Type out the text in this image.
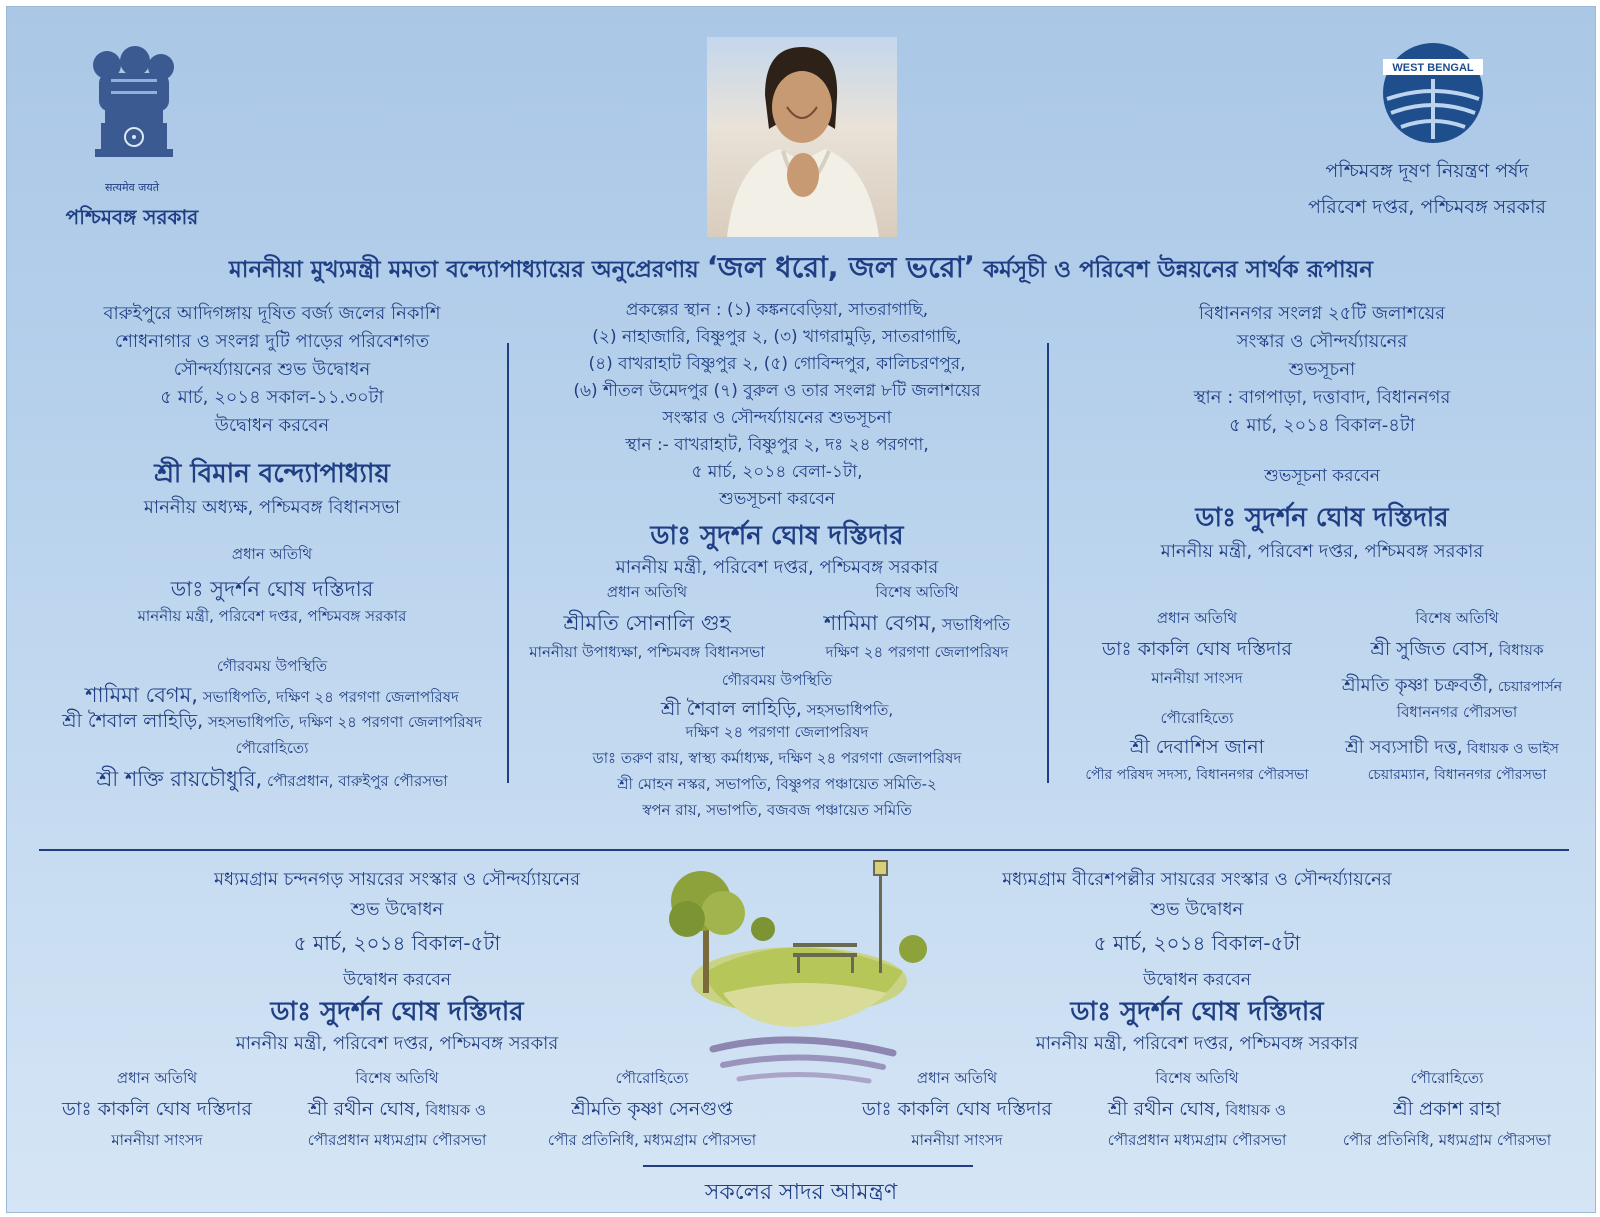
सत्यमेव जयते
পশ্চিমবঙ্গ সরকার
WEST BENGAL
পশ্চিমবঙ্গ দূষণ নিয়ন্ত্রণ পর্ষদ
পরিবেশ দপ্তর, পশ্চিমবঙ্গ সরকার
মাননীয়া মুখ্যমন্ত্রী মমতা বন্দ্যোপাধ্যায়ের অনুপ্রেরণায় ‘জল ধরো, জল ভরো’ কর্মসূচী ও পরিবেশ উন্নয়নের সার্থক রূপায়ন
বারুইপুরে আদিগঙ্গায় দূষিত বর্জ্য জলের নিকাশি
শোধনাগার ও সংলগ্ন দুটি পাড়ের পরিবেশগত
সৌন্দর্য্যায়নের শুভ উদ্বোধন
৫ মার্চ, ২০১৪ সকাল-১১.৩০টা
উদ্বোধন করবেন
শ্রী বিমান বন্দ্যোপাধ্যায়
মাননীয় অধ্যক্ষ, পশ্চিমবঙ্গ বিধানসভা
প্রধান অতিথি
ডাঃ সুদর্শন ঘোষ দস্তিদার
মাননীয় মন্ত্রী, পরিবেশ দপ্তর, পশ্চিমবঙ্গ সরকার
গৌরবময় উপস্থিতি
শামিমা বেগম, সভাধিপতি, দক্ষিণ ২৪ পরগণা জেলাপরিষদ
শ্রী শৈবাল লাহিড়ি, সহসভাধিপতি, দক্ষিণ ২৪ পরগণা জেলাপরিষদ
পৌরোহিত্যে
শ্রী শক্তি রায়চৌধুরি, পৌরপ্রধান, বারুইপুর পৌরসভা
প্রকল্পের স্থান : (১) কঙ্কনবেড়িয়া, সাতরাগাছি,
(২) নাহাজারি, বিষ্ণুপুর ২, (৩) খাগরামুড়ি, সাতরাগাছি,
(৪) বাখরাহাট বিষ্ণুপুর ২, (৫) গোবিন্দপুর, কালিচরণপুর,
(৬) শীতল উমেদপুর (৭) বুরুল ও তার সংলগ্ন ৮টি জলাশয়ের
সংস্কার ও সৌন্দর্য্যায়নের শুভসূচনা
স্থান :- বাখরাহাট, বিষ্ণুপুর ২, দঃ ২৪ পরগণা,
৫ মার্চ, ২০১৪ বেলা-১টা,
শুভসূচনা করবেন
ডাঃ সুদর্শন ঘোষ দস্তিদার
মাননীয় মন্ত্রী, পরিবেশ দপ্তর, পশ্চিমবঙ্গ সরকার
প্রধান অতিথি
শ্রীমতি সোনালি গুহ
মাননীয়া উপাধ্যক্ষা, পশ্চিমবঙ্গ বিধানসভা
বিশেষ অতিথি
শামিমা বেগম, সভাধিপতি
দক্ষিণ ২৪ পরগণা জেলাপরিষদ
গৌরবময় উপস্থিতি
শ্রী শৈবাল লাহিড়ি, সহসভাধিপতি,
দক্ষিণ ২৪ পরগণা জেলাপরিষদ
ডাঃ তরুণ রায়, স্বাস্থ্য কর্মাধ্যক্ষ, দক্ষিণ ২৪ পরগণা জেলাপরিষদ
শ্রী মোহন নস্কর, সভাপতি, বিষ্ণুপর পঞ্চায়েত সমিতি-২
স্বপন রায়, সভাপতি, বজবজ পঞ্চায়েত সমিতি
বিধাননগর সংলগ্ন ২৫টি জলাশয়ের
সংস্কার ও সৌন্দর্য্যায়নের
শুভসূচনা
স্থান : বাগপাড়া, দত্তাবাদ, বিধাননগর
৫ মার্চ, ২০১৪ বিকাল-৪টা
শুভসূচনা করবেন
ডাঃ সুদর্শন ঘোষ দস্তিদার
মাননীয় মন্ত্রী, পরিবেশ দপ্তর, পশ্চিমবঙ্গ সরকার
প্রধান অতিথি
ডাঃ কাকলি ঘোষ দস্তিদার
মাননীয়া সাংসদ
পৌরোহিত্যে
শ্রী দেবাশিস জানা
পৌর পরিষদ সদস্য, বিধাননগর পৌরসভা
বিশেষ অতিথি
শ্রী সুজিত বোস, বিধায়ক
শ্রীমতি কৃষ্ণা চক্রবর্তী, চেয়ারপার্সন
বিধাননগর পৌরসভা
শ্রী সব্যসাচী দত্ত, বিধায়ক ও ভাইস
চেয়ারম্যান, বিধাননগর পৌরসভা
মধ্যমগ্রাম চন্দনগড় সায়রের সংস্কার ও সৌন্দর্য্যায়নের
শুভ উদ্বোধন
৫ মার্চ, ২০১৪ বিকাল-৫টা
উদ্বোধন করবেন
ডাঃ সুদর্শন ঘোষ দস্তিদার
মাননীয় মন্ত্রী, পরিবেশ দপ্তর, পশ্চিমবঙ্গ সরকার
প্রধান অতিথি
ডাঃ কাকলি ঘোষ দস্তিদার
মাননীয়া সাংসদ
বিশেষ অতিথি
শ্রী রথীন ঘোষ, বিধায়ক ও
পৌরপ্রধান মধ্যমগ্রাম পৌরসভা
পৌরোহিত্যে
শ্রীমতি কৃষ্ণা সেনগুপ্ত
পৌর প্রতিনিধি, মধ্যমগ্রাম পৌরসভা
মধ্যমগ্রাম বীরেশপল্লীর সায়রের সংস্কার ও সৌন্দর্য্যায়নের
শুভ উদ্বোধন
৫ মার্চ, ২০১৪ বিকাল-৫টা
উদ্বোধন করবেন
ডাঃ সুদর্শন ঘোষ দস্তিদার
মাননীয় মন্ত্রী, পরিবেশ দপ্তর, পশ্চিমবঙ্গ সরকার
প্রধান অতিথি
ডাঃ কাকলি ঘোষ দস্তিদার
মাননীয়া সাংসদ
বিশেষ অতিথি
শ্রী রথীন ঘোষ, বিধায়ক ও
পৌরপ্রধান মধ্যমগ্রাম পৌরসভা
পৌরোহিত্যে
শ্রী প্রকাশ রাহা
পৌর প্রতিনিধি, মধ্যমগ্রাম পৌরসভা
সকলের সাদর আমন্ত্রণ
